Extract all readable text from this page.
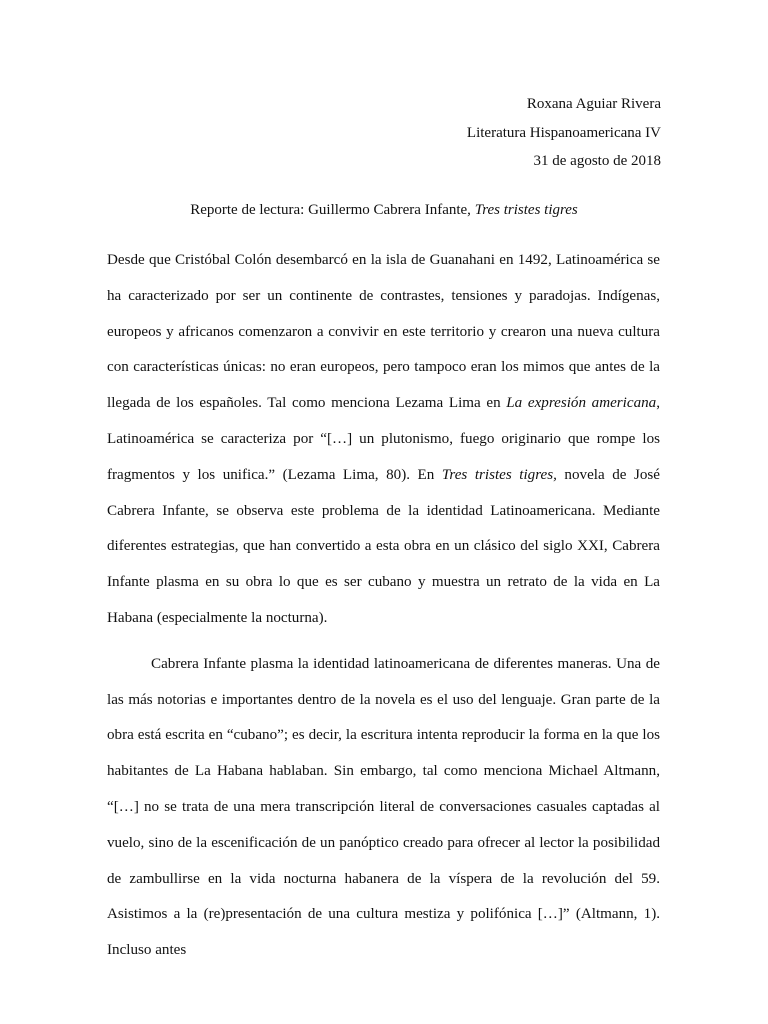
Roxana Aguiar Rivera
Literatura Hispanoamericana IV
31 de agosto de 2018
Reporte de lectura: Guillermo Cabrera Infante, Tres tristes tigres

Desde que Cristóbal Colón desembarcó en la isla de Guanahani en 1492, Latinoamérica se ha caracterizado por ser un continente de contrastes, tensiones y paradojas. Indígenas, europeos y africanos comenzaron a convivir en este territorio y crearon una nueva cultura con características únicas: no eran europeos, pero tampoco eran los mimos que antes de la llegada de los españoles. Tal como menciona Lezama Lima en La expresión americana, Latinoamérica se caracteriza por “[…] un plutonismo, fuego originario que rompe los fragmentos y los unifica.” (Lezama Lima, 80). En Tres tristes tigres, novela de José Cabrera Infante, se observa este problema de la identidad Latinoamericana. Mediante diferentes estrategias, que han convertido a esta obra en un clásico del siglo XXI, Cabrera Infante plasma en su obra lo que es ser cubano y muestra un retrato de la vida en La Habana (especialmente la nocturna).

Cabrera Infante plasma la identidad latinoamericana de diferentes maneras. Una de las más notorias e importantes dentro de la novela es el uso del lenguaje. Gran parte de la obra está escrita en “cubano”; es decir, la escritura intenta reproducir la forma en la que los habitantes de La Habana hablaban. Sin embargo, tal como menciona Michael Altmann, “[…] no se trata de una mera transcripción literal de conversaciones casuales captadas al vuelo, sino de la escenificación de un panóptico creado para ofrecer al lector la posibilidad de zambullirse en la vida nocturna habanera de la víspera de la revolución del 59. Asistimos a la (re)presentación de una cultura mestiza y polifónica […]” (Altmann, 1). Incluso antes
